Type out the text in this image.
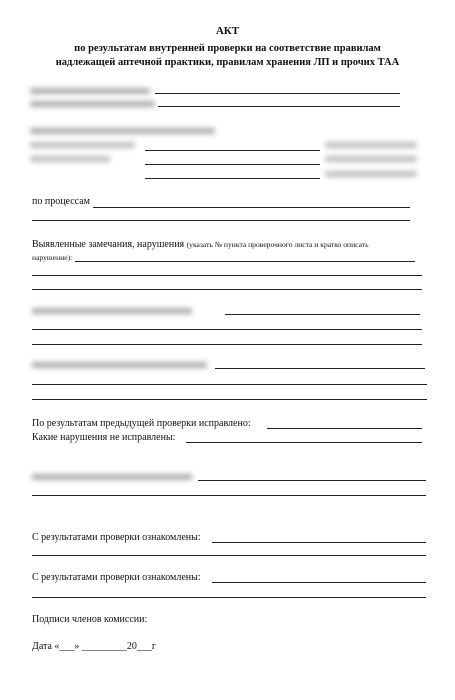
АКТ
по результатам внутренней проверки на соответствие правилам
надлежащей аптечной практики, правилам хранения ЛП и прочих ТАА
по процессам
Выявленные замечания, нарушения (указать № пункта проверочного листа и кратко описать
нарушение):
По результатам предыдущей проверки исправлено:
Какие нарушения не исправлены:
С результатами проверки ознакомлены:
С результатами проверки ознакомлены:
Подписи членов комиссии:
Дата «___» _________20___г
